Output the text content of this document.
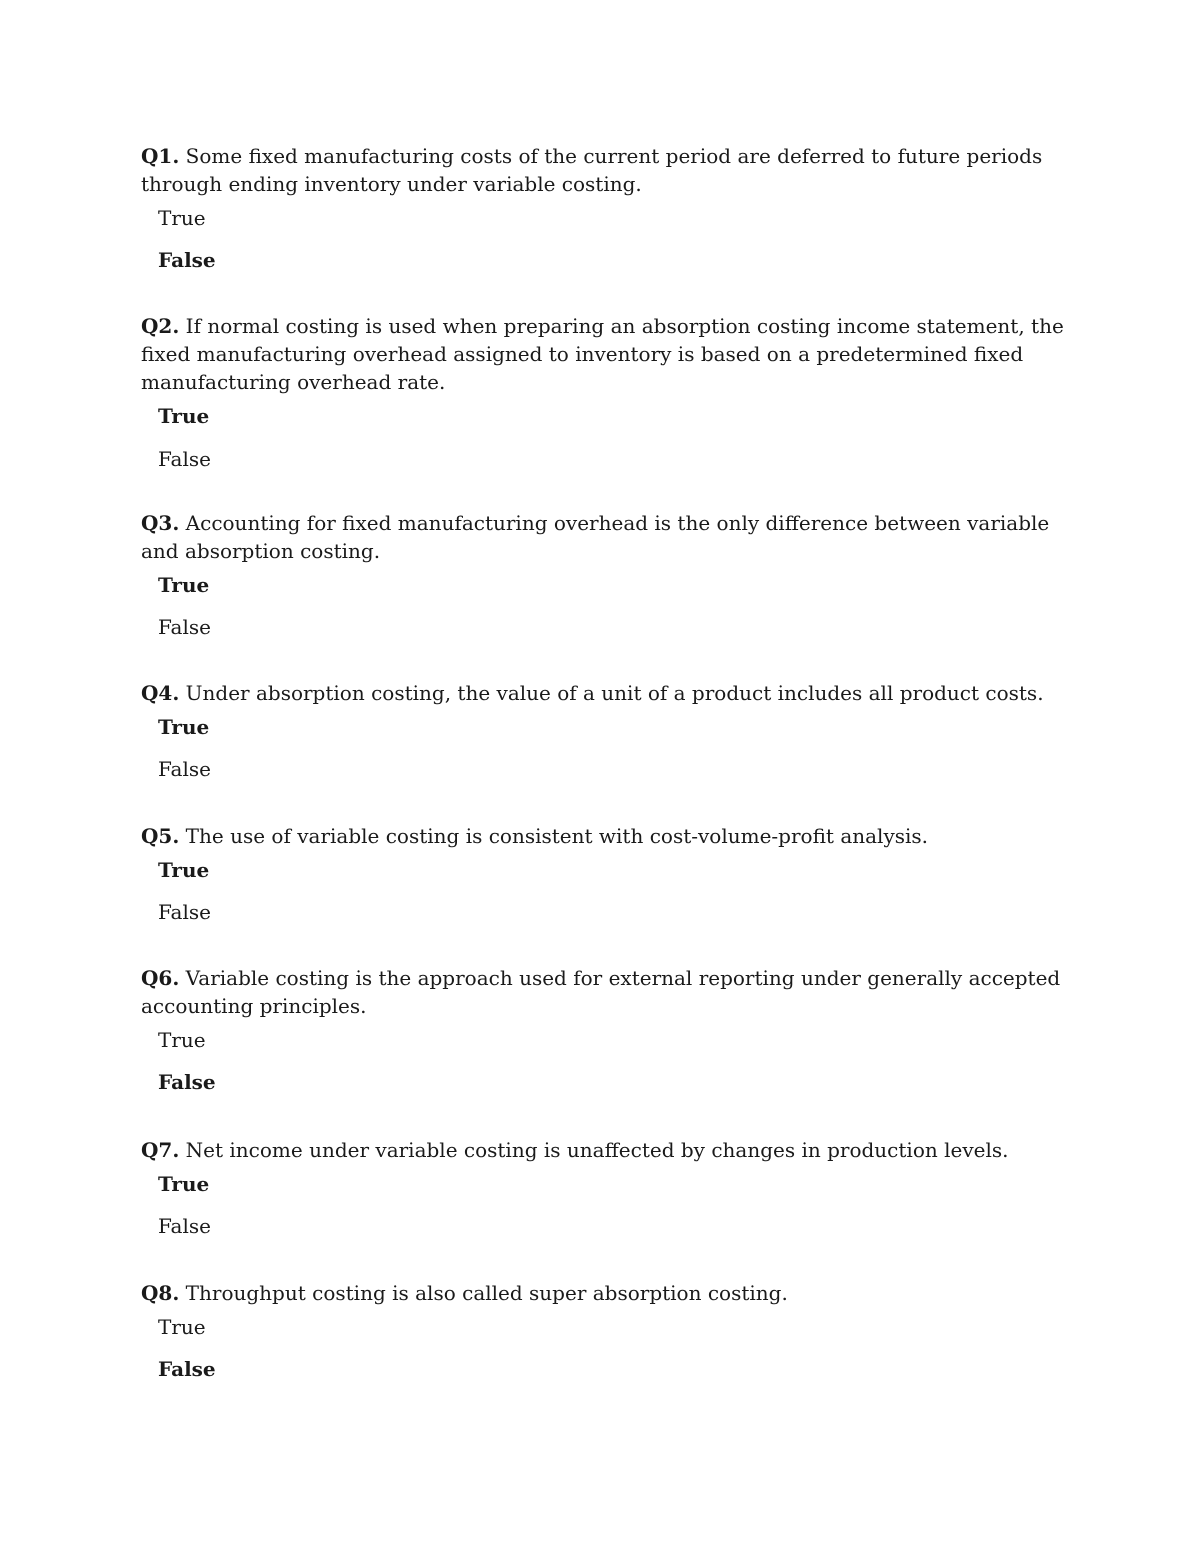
Q1. Some fixed manufacturing costs of the current period are deferred to future periods through ending inventory under variable costing.

True
False

Q2. If normal costing is used when preparing an absorption costing income statement, the fixed manufacturing overhead assigned to inventory is based on a predetermined fixed manufacturing overhead rate.

True
False

Q3. Accounting for fixed manufacturing overhead is the only difference between variable and absorption costing.

True
False

Q4. Under absorption costing, the value of a unit of a product includes all product costs.

True
False

Q5. The use of variable costing is consistent with cost-volume-profit analysis.

True
False

Q6. Variable costing is the approach used for external reporting under generally accepted accounting principles.

True
False

Q7. Net income under variable costing is unaffected by changes in production levels.

True
False

Q8. Throughput costing is also called super absorption costing.

True
False
